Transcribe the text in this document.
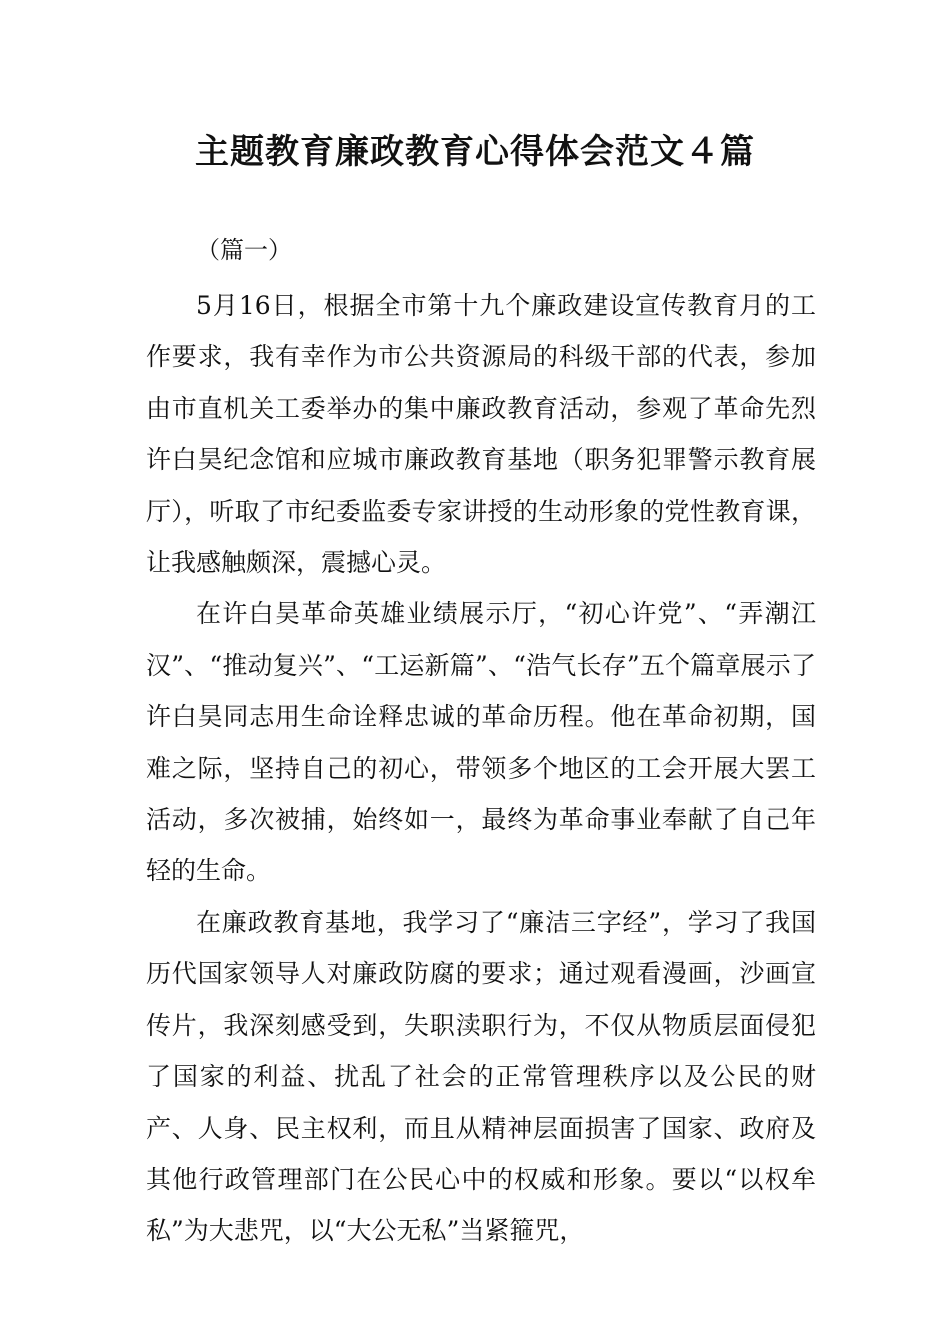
主题教育廉政教育心得体会范文４篇

（篇一）

5月16日，根据全市第十九个廉政建设宣传教育月的工作要求，我有幸作为市公共资源局的科级干部的代表，参加由市直机关工委举办的集中廉政教育活动，参观了革命先烈许白昊纪念馆和应城市廉政教育基地（职务犯罪警示教育展厅），听取了市纪委监委专家讲授的生动形象的党性教育课，让我感触颇深，震撼心灵。

在许白昊革命英雄业绩展示厅，“初心许党”、“弄潮江汉”、“推动复兴”、“工运新篇”、“浩气长存”五个篇章展示了许白昊同志用生命诠释忠诚的革命历程。他在革命初期，国难之际，坚持自己的初心，带领多个地区的工会开展大罢工活动，多次被捕，始终如一，最终为革命事业奉献了自己年轻的生命。

在廉政教育基地，我学习了“廉洁三字经”，学习了我国历代国家领导人对廉政防腐的要求；通过观看漫画，沙画宣传片，我深刻感受到，失职渎职行为，不仅从物质层面侵犯了国家的利益、扰乱了社会的正常管理秩序以及公民的财产、人身、民主权利，而且从精神层面损害了国家、政府及其他行政管理部门在公民心中的权威和形象。要以“以权牟私”为大悲咒，以“大公无私”当紧箍咒，
